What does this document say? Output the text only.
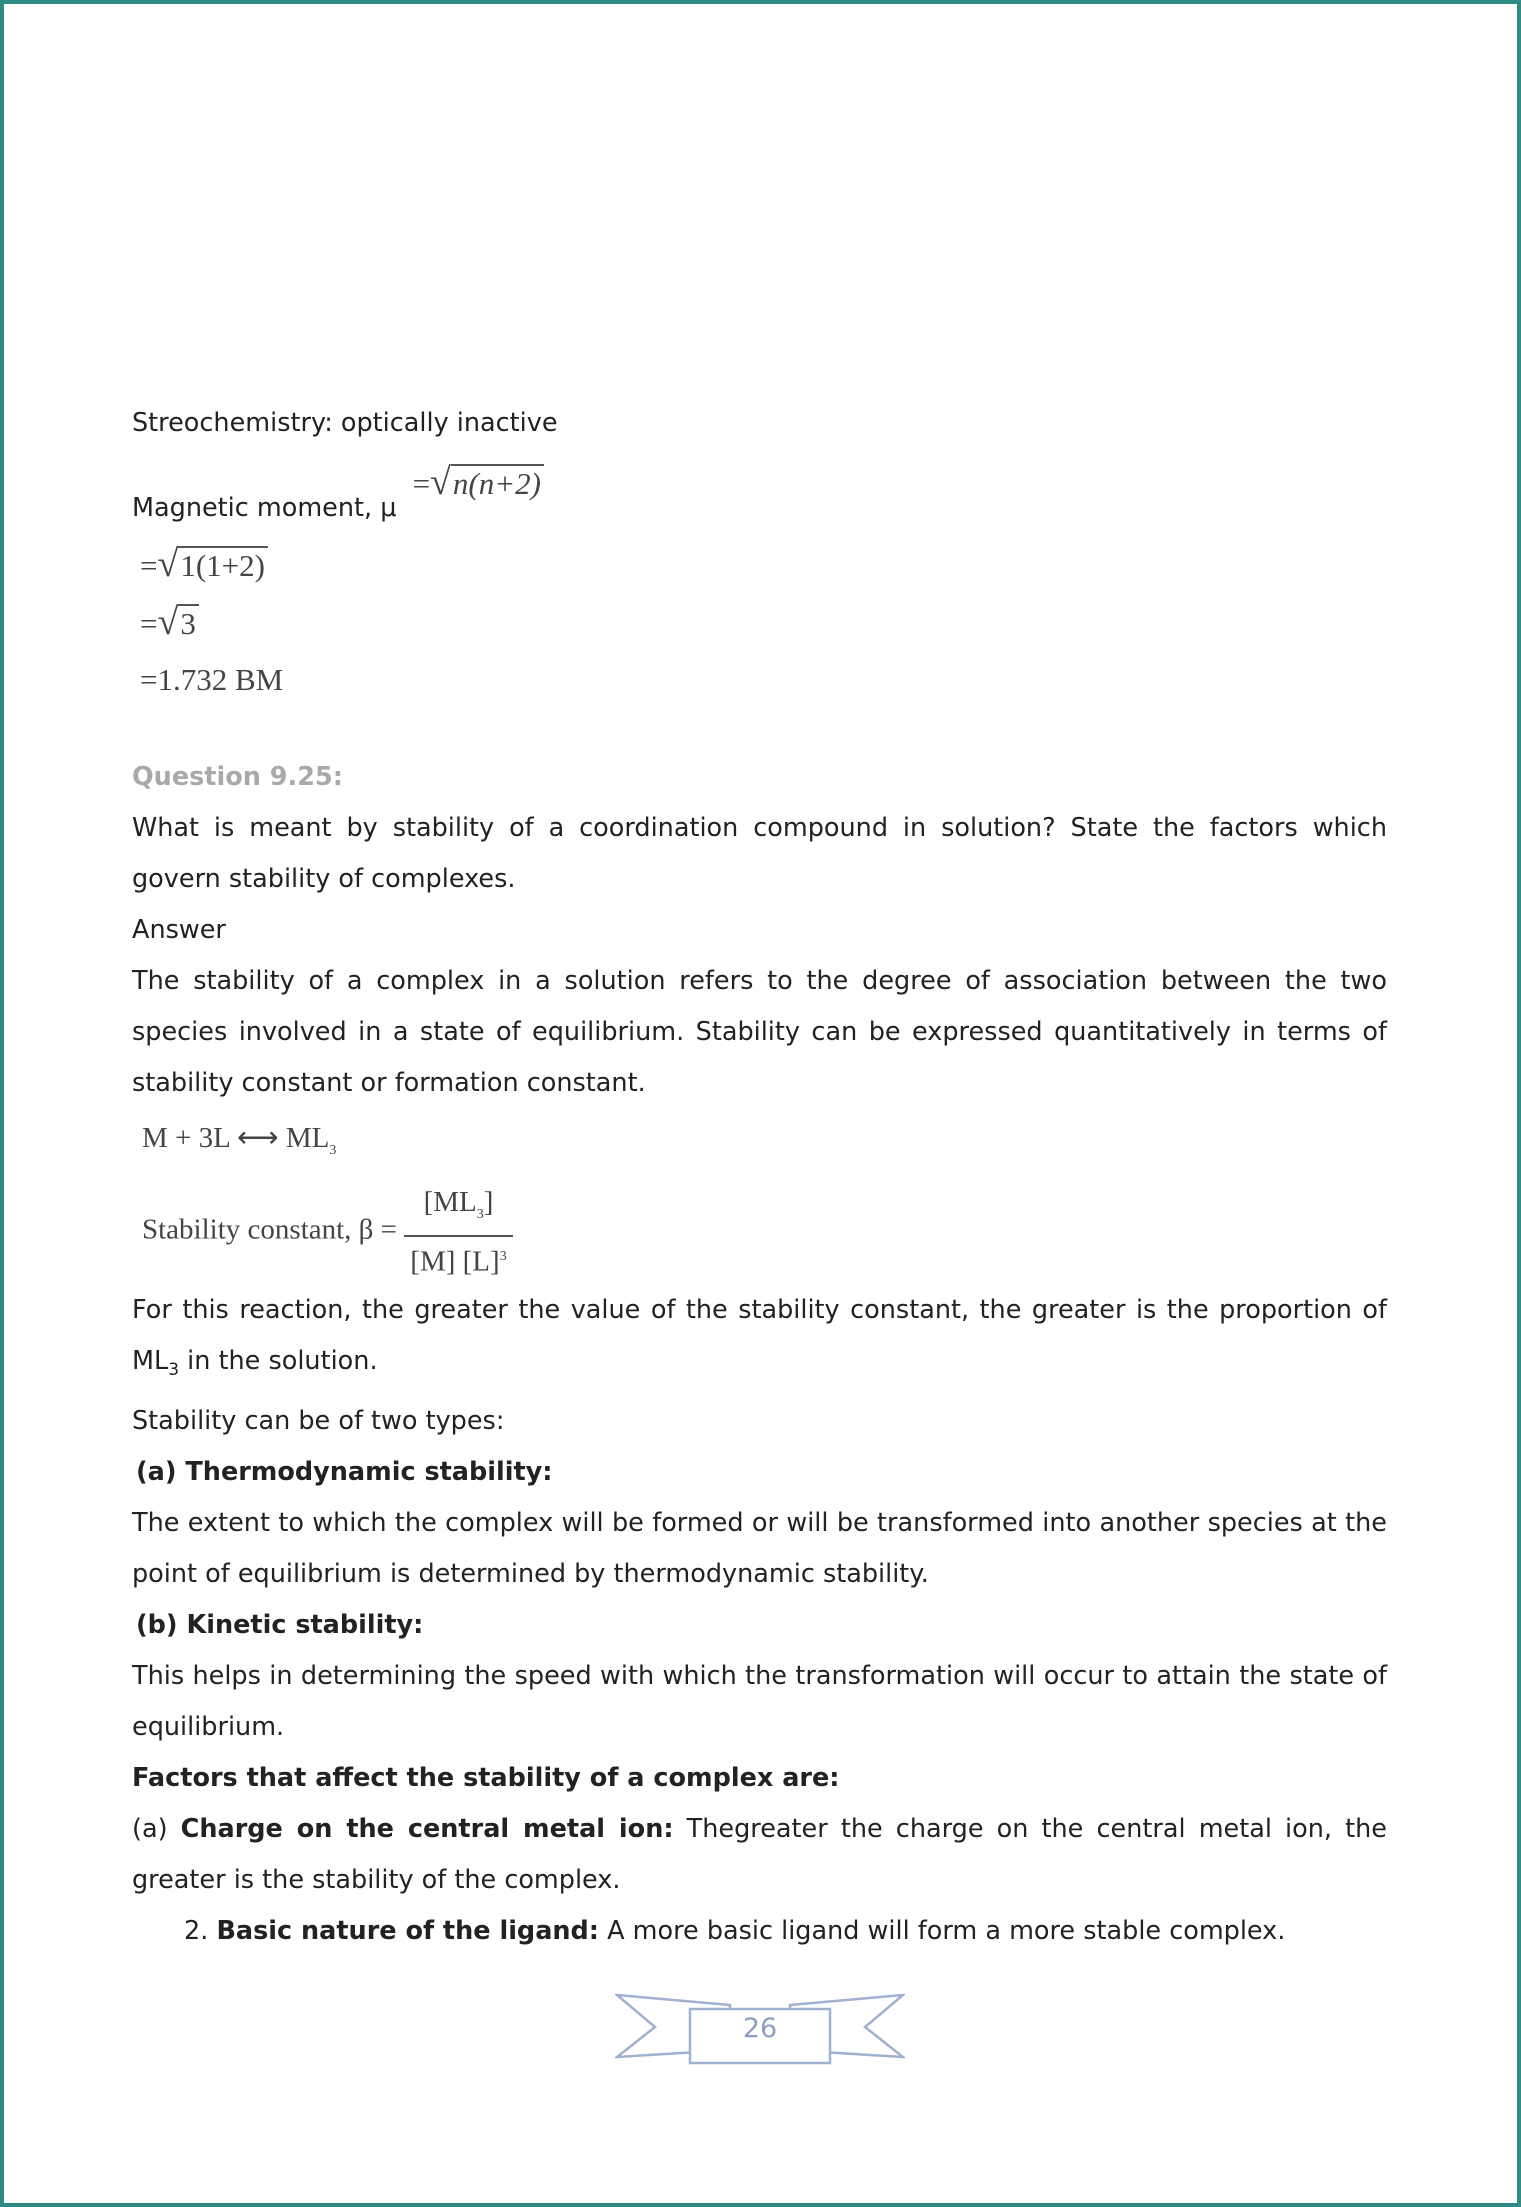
Streochemistry: optically inactive

Magnetic moment, μ =√n(n+2)

=√1(1+2)
=√3
=1.732 BM

Question 9.25:

What is meant by stability of a coordination compound in solution? State the factors which govern stability of complexes.

Answer

The stability of a complex in a solution refers to the degree of association between the two species involved in a state of equilibrium. Stability can be expressed quantitatively in terms of stability constant or formation constant.

M + 3L ⟷ $ML_3$
Stability constant, $\beta = \frac{[ML_3]}{[M] [L]^3}$

For this reaction, the greater the value of the stability constant, the greater is the proportion of $ML_3$ in the solution.

Stability can be of two types:

(a) Thermodynamic stability:

The extent to which the complex will be formed or will be transformed into another species at the point of equilibrium is determined by thermodynamic stability.

(b) Kinetic stability:

This helps in determining the speed with which the transformation will occur to attain the state of equilibrium.

Factors that affect the stability of a complex are:

(a) Charge on the central metal ion: Thegreater the charge on the central metal ion, the greater is the stability of the complex.

2. Basic nature of the ligand: A more basic ligand will form a more stable complex.

26
